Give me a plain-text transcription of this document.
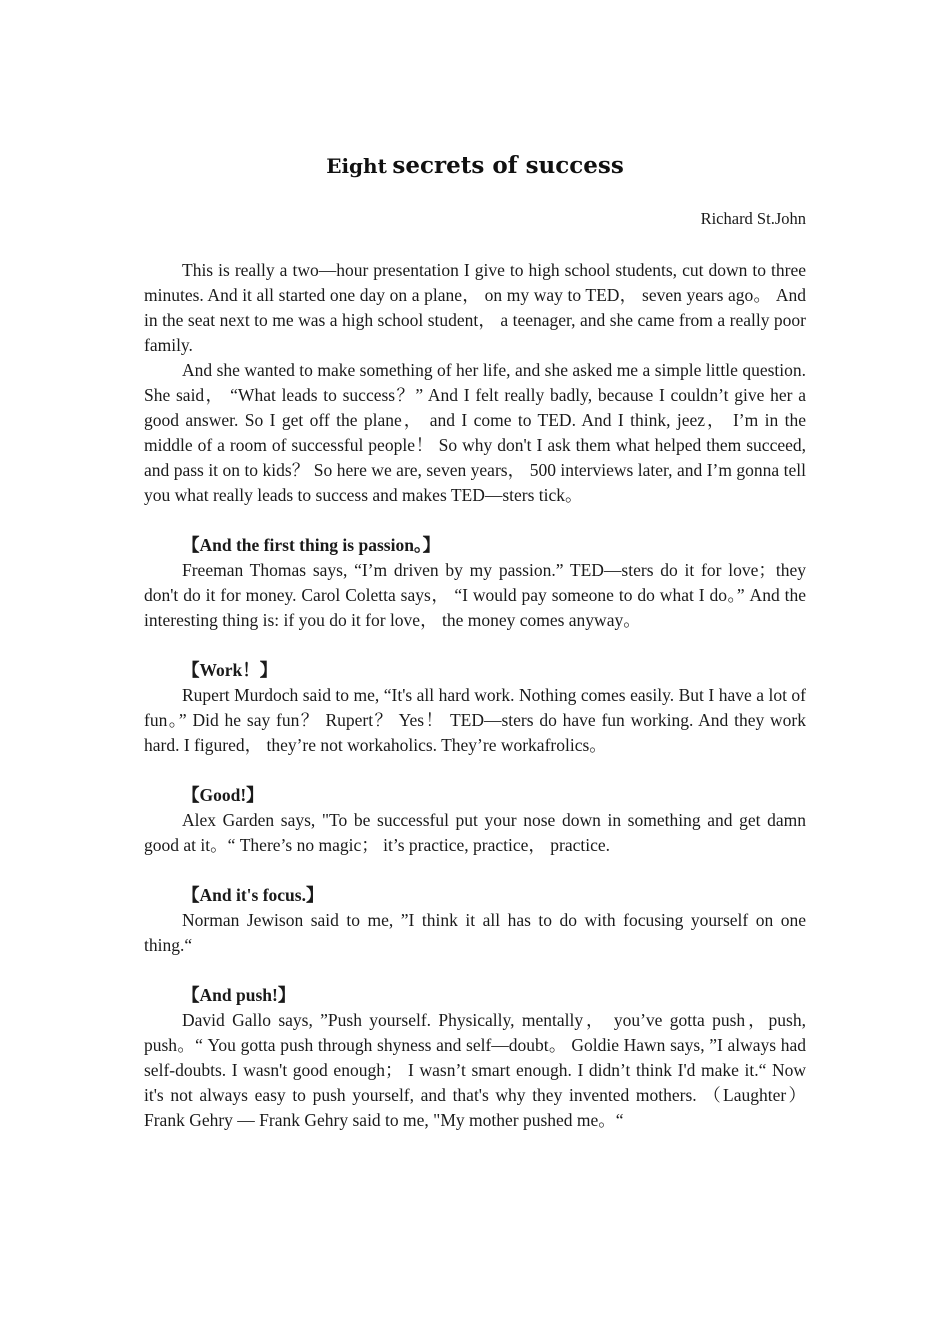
Eight secrets of success
Richard St.John

This is really a two—hour presentation I give to high school students, cut down to three minutes. And it all started one day on a plane， on my way to TED， seven years ago。 And in the seat next to me was a high school student， a teenager, and she came from a really poor family.

And she wanted to make something of her life, and she asked me a simple little question. She said， “What leads to success？” And I felt really badly, because I couldn’t give her a good answer. So I get off the plane， and I come to TED. And I think, jeez， I’m in the middle of a room of successful people！ So why don't I ask them what helped them succeed, and pass it on to kids？ So here we are, seven years， 500 interviews later, and I’m gonna tell you what really leads to success and makes TED—sters tick。

【And the first thing is passion。】

Freeman Thomas says, “I’m driven by my passion.” TED—sters do it for love；they don't do it for money. Carol Coletta says， “I would pay someone to do what I do。” And the interesting thing is: if you do it for love， the money comes anyway。

【Work！】

Rupert Murdoch said to me, “It's all hard work. Nothing comes easily. But I have a lot of fun。” Did he say fun？ Rupert？ Yes！ TED—sters do have fun working. And they work hard. I figured， they’re not workaholics. They’re workafrolics。

【Good!】

Alex Garden says, "To be successful put your nose down in something and get damn good at it。“ There’s no magic； it’s practice, practice， practice.

【And it's focus.】

Norman Jewison said to me, ”I think it all has to do with focusing yourself on one thing.“

【And push!】

David Gallo says, ”Push yourself. Physically, mentally， you’ve gotta push，push, push。“ You gotta push through shyness and self—doubt。 Goldie Hawn says, ”I always had self-doubts. I wasn't good enough； I wasn’t smart enough. I didn’t think I'd make it.“ Now it's not always easy to push yourself, and that's why they invented mothers. （Laughter） Frank Gehry — Frank Gehry said to me, "My mother pushed me。“
